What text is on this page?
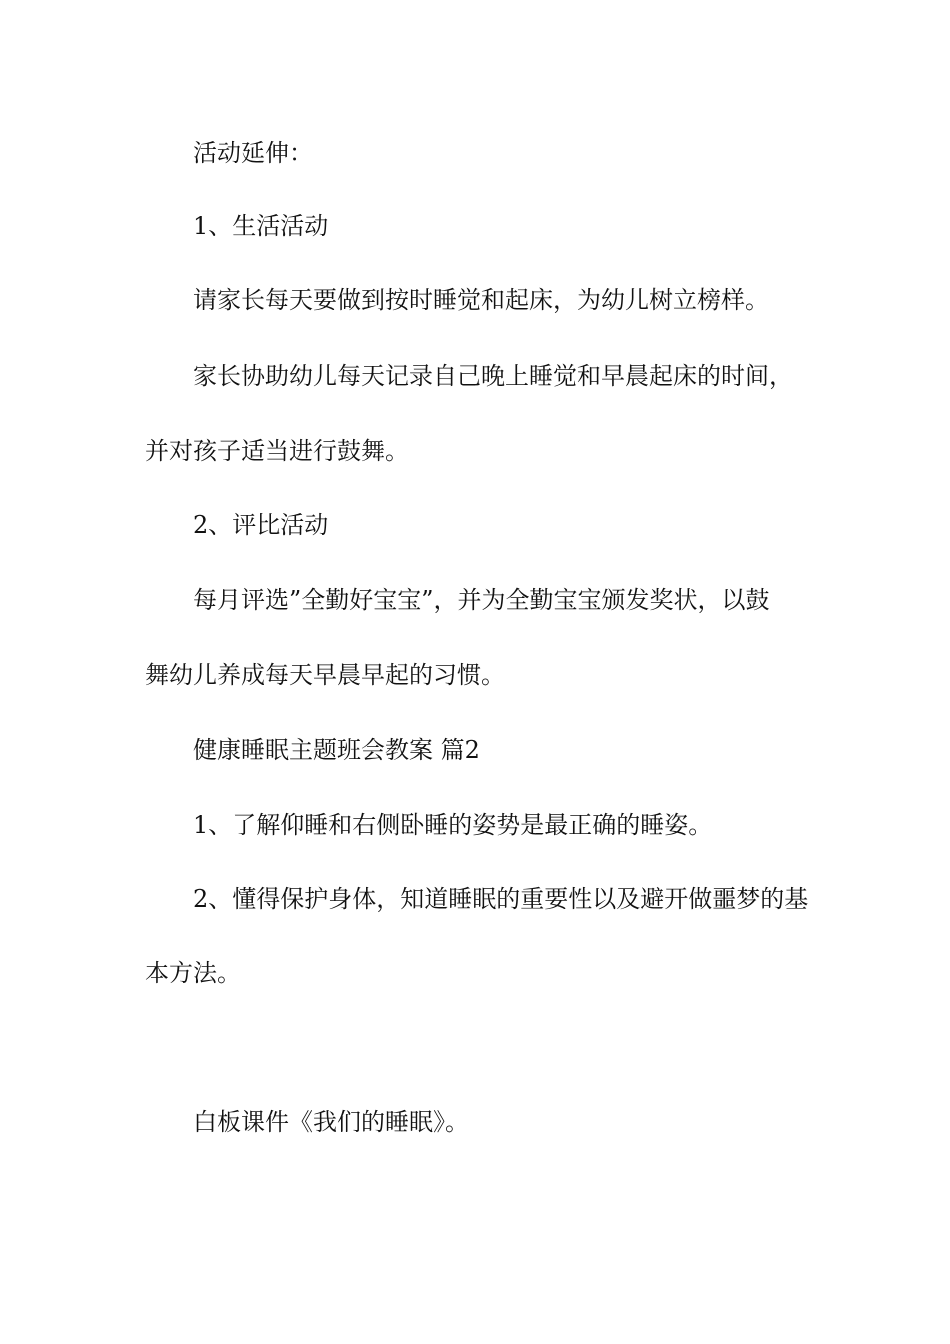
活动延伸：
1、生活活动
请家长每天要做到按时睡觉和起床，为幼儿树立榜样。
家长协助幼儿每天记录自己晚上睡觉和早晨起床的时间，
并对孩子适当进行鼓舞。
2、评比活动
每月评选”全勤好宝宝”，并为全勤宝宝颁发奖状，以鼓
舞幼儿养成每天早晨早起的习惯。
健康睡眠主题班会教案 篇2
1、了解仰睡和右侧卧睡的姿势是最正确的睡姿。
2、懂得保护身体，知道睡眠的重要性以及避开做噩梦的基
本方法。
白板课件《我们的睡眠》。
